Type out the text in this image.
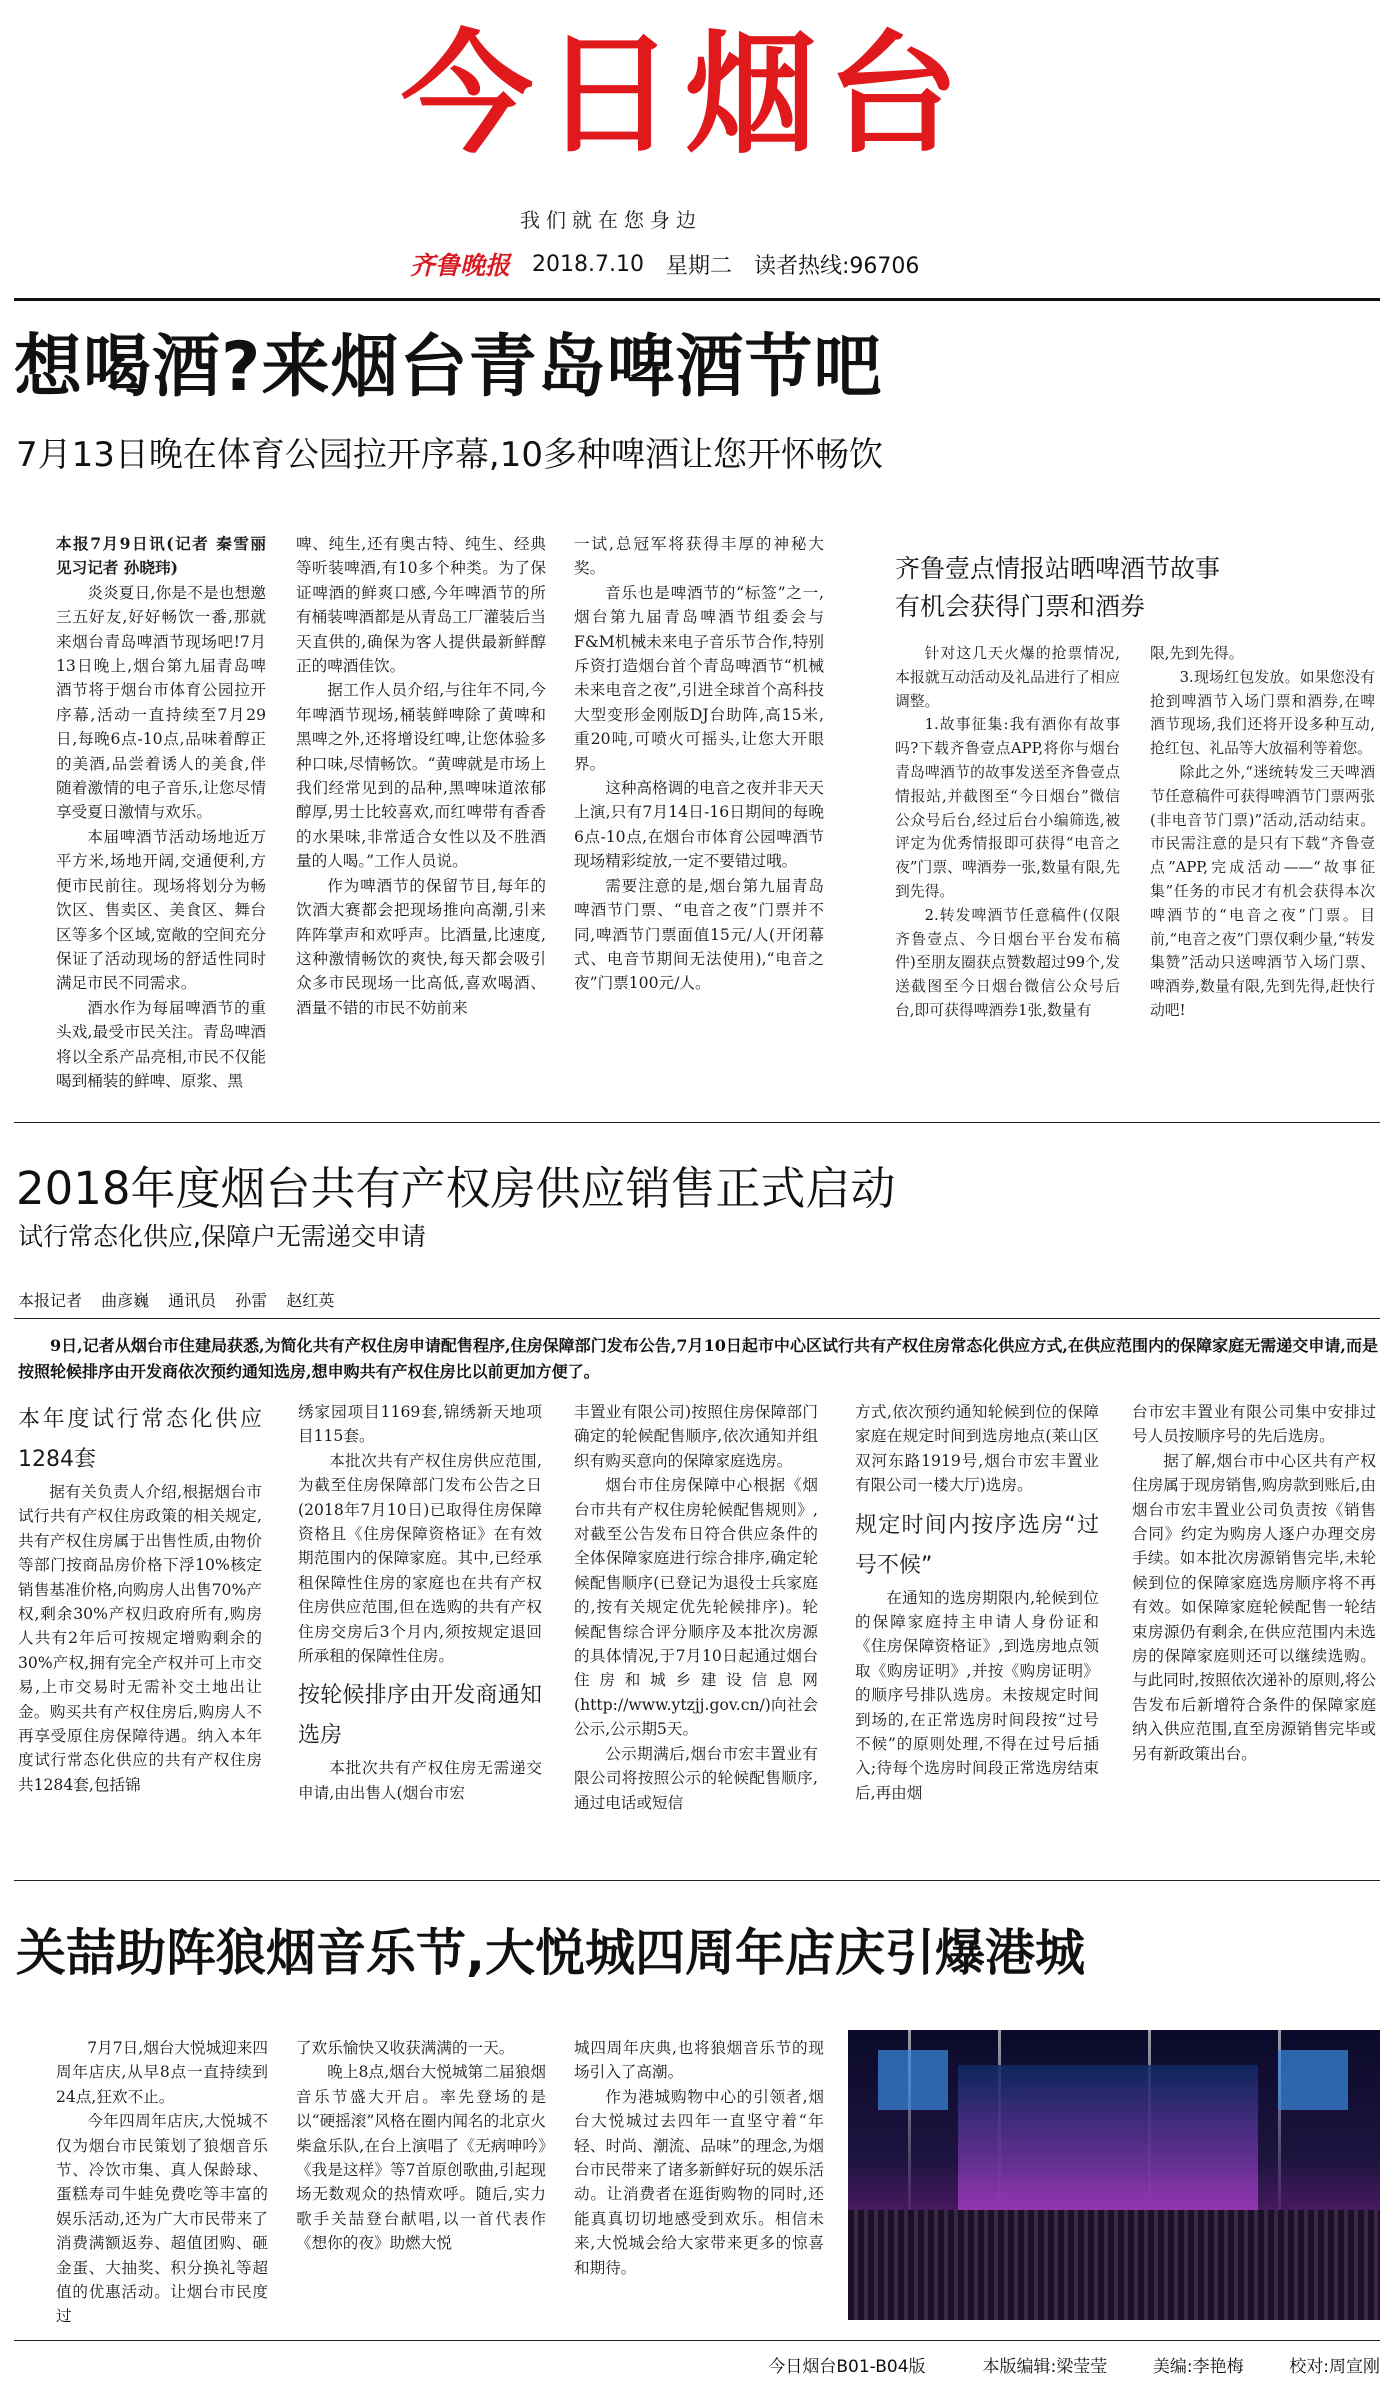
今日烟台
我们就在您身边
齐鲁晚报 2018.7.10 星期二 读者热线:96706
想喝酒?来烟台青岛啤酒节吧
7月13日晚在体育公园拉开序幕,10多种啤酒让您开怀畅饮

本报7月9日讯(记者 秦雪丽 见习记者 孙晓玮)

炎炎夏日,你是不是也想邀三五好友,好好畅饮一番,那就来烟台青岛啤酒节现场吧!7月13日晚上,烟台第九届青岛啤酒节将于烟台市体育公园拉开序幕,活动一直持续至7月29日,每晚6点-10点,品味着醇正的美酒,品尝着诱人的美食,伴随着激情的电子音乐,让您尽情享受夏日激情与欢乐。

本届啤酒节活动场地近万平方米,场地开阔,交通便利,方便市民前往。现场将划分为畅饮区、售卖区、美食区、舞台区等多个区域,宽敞的空间充分保证了活动现场的舒适性同时满足市民不同需求。

酒水作为每届啤酒节的重头戏,最受市民关注。青岛啤酒将以全系产品亮相,市民不仅能喝到桶装的鲜啤、原浆、黑

啤、纯生,还有奥古特、纯生、经典等听装啤酒,有10多个种类。为了保证啤酒的鲜爽口感,今年啤酒节的所有桶装啤酒都是从青岛工厂灌装后当天直供的,确保为客人提供最新鲜醇正的啤酒佳饮。

据工作人员介绍,与往年不同,今年啤酒节现场,桶装鲜啤除了黄啤和黑啤之外,还将增设红啤,让您体验多种口味,尽情畅饮。“黄啤就是市场上我们经常见到的品种,黑啤味道浓郁醇厚,男士比较喜欢,而红啤带有香香的水果味,非常适合女性以及不胜酒量的人喝。”工作人员说。

作为啤酒节的保留节目,每年的饮酒大赛都会把现场推向高潮,引来阵阵掌声和欢呼声。比酒量,比速度,这种激情畅饮的爽快,每天都会吸引众多市民现场一比高低,喜欢喝酒、酒量不错的市民不妨前来

一试,总冠军将获得丰厚的神秘大奖。

音乐也是啤酒节的“标签”之一,烟台第九届青岛啤酒节组委会与F&M机械未来电子音乐节合作,特别斥资打造烟台首个青岛啤酒节“机械未来电音之夜”,引进全球首个高科技大型变形金刚版DJ台助阵,高15米,重20吨,可喷火可摇头,让您大开眼界。

这种高格调的电音之夜并非天天上演,只有7月14日-16日期间的每晚6点-10点,在烟台市体育公园啤酒节现场精彩绽放,一定不要错过哦。

需要注意的是,烟台第九届青岛啤酒节门票、“电音之夜”门票并不同,啤酒节门票面值15元/人(开闭幕式、电音节期间无法使用),“电音之夜”门票100元/人。

齐鲁壹点情报站晒啤酒节故事
有机会获得门票和酒券

针对这几天火爆的抢票情况,本报就互动活动及礼品进行了相应调整。

1.故事征集:我有酒你有故事吗?下载齐鲁壹点APP,将你与烟台青岛啤酒节的故事发送至齐鲁壹点情报站,并截图至“今日烟台”微信公众号后台,经过后台小编筛选,被评定为优秀情报即可获得“电音之夜”门票、啤酒券一张,数量有限,先到先得。

2.转发啤酒节任意稿件(仅限齐鲁壹点、今日烟台平台发布稿件)至朋友圈获点赞数超过99个,发送截图至今日烟台微信公众号后台,即可获得啤酒券1张,数量有

限,先到先得。

3.现场红包发放。如果您没有抢到啤酒节入场门票和酒券,在啤酒节现场,我们还将开设多种互动,抢红包、礼品等大放福利等着您。

除此之外,“迷统转发三天啤酒节任意稿件可获得啤酒节门票两张(非电音节门票)”活动,活动结束。市民需注意的是只有下载“齐鲁壹点”APP,完成活动——“故事征集”任务的市民才有机会获得本次啤酒节的“电音之夜”门票。目前,“电音之夜”门票仅剩少量,“转发集赞”活动只送啤酒节入场门票、啤酒券,数量有限,先到先得,赶快行动吧!

2018年度烟台共有产权房供应销售正式启动
试行常态化供应,保障户无需递交申请
本报记者 曲彦巍 通讯员 孙雷 赵红英

9日,记者从烟台市住建局获悉,为简化共有产权住房申请配售程序,住房保障部门发布公告,7月10日起市中心区试行共有产权住房常态化供应方式,在供应范围内的保障家庭无需递交申请,而是按照轮候排序由开发商依次预约通知选房,想申购共有产权住房比以前更加方便了。

本年度试行常态化供应1284套

据有关负责人介绍,根据烟台市试行共有产权住房政策的相关规定,共有产权住房属于出售性质,由物价等部门按商品房价格下浮10%核定销售基准价格,向购房人出售70%产权,剩余30%产权归政府所有,购房人共有2年后可按规定增购剩余的30%产权,拥有完全产权并可上市交易,上市交易时无需补交土地出让金。购买共有产权住房后,购房人不再享受原住房保障待遇。纳入本年度试行常态化供应的共有产权住房共1284套,包括锦

绣家园项目1169套,锦绣新天地项目115套。

本批次共有产权住房供应范围,为截至住房保障部门发布公告之日(2018年7月10日)已取得住房保障资格且《住房保障资格证》在有效期范围内的保障家庭。其中,已经承租保障性住房的家庭也在共有产权住房供应范围,但在选购的共有产权住房交房后3个月内,须按规定退回所承租的保障性住房。

按轮候排序由开发商通知选房

本批次共有产权住房无需递交申请,由出售人(烟台市宏

丰置业有限公司)按照住房保障部门确定的轮候配售顺序,依次通知并组织有购买意向的保障家庭选房。

烟台市住房保障中心根据《烟台市共有产权住房轮候配售规则》,对截至公告发布日符合供应条件的全体保障家庭进行综合排序,确定轮候配售顺序(已登记为退役士兵家庭的,按有关规定优先轮候排序)。轮候配售综合评分顺序及本批次房源的具体情况,于7月10日起通过烟台住房和城乡建设信息网(http://www.ytzjj.gov.cn/)向社会公示,公示期5天。

公示期满后,烟台市宏丰置业有限公司将按照公示的轮候配售顺序,通过电话或短信

方式,依次预约通知轮候到位的保障家庭在规定时间到选房地点(莱山区双河东路1919号,烟台市宏丰置业有限公司一楼大厅)选房。

规定时间内按序选房“过号不候”

在通知的选房期限内,轮候到位的保障家庭持主申请人身份证和《住房保障资格证》,到选房地点领取《购房证明》,并按《购房证明》的顺序号排队选房。未按规定时间到场的,在正常选房时间段按“过号不候”的原则处理,不得在过号后插入;待每个选房时间段正常选房结束后,再由烟

台市宏丰置业有限公司集中安排过号人员按顺序号的先后选房。

据了解,烟台市中心区共有产权住房属于现房销售,购房款到账后,由烟台市宏丰置业公司负责按《销售合同》约定为购房人逐户办理交房手续。如本批次房源销售完毕,未轮候到位的保障家庭选房顺序将不再有效。如保障家庭轮候配售一轮结束房源仍有剩余,在供应范围内未选房的保障家庭则还可以继续选购。与此同时,按照依次递补的原则,将公告发布后新增符合条件的保障家庭纳入供应范围,直至房源销售完毕或另有新政策出台。

关喆助阵狼烟音乐节,大悦城四周年店庆引爆港城

7月7日,烟台大悦城迎来四周年店庆,从早8点一直持续到24点,狂欢不止。

今年四周年店庆,大悦城不仅为烟台市民策划了狼烟音乐节、冷饮市集、真人保龄球、蛋糕寿司牛蛙免费吃等丰富的娱乐活动,还为广大市民带来了消费满额返券、超值团购、砸金蛋、大抽奖、积分换礼等超值的优惠活动。让烟台市民度过

了欢乐愉快又收获满满的一天。

晚上8点,烟台大悦城第二届狼烟音乐节盛大开启。率先登场的是以“硬摇滚”风格在圈内闻名的北京火柴盒乐队,在台上演唱了《无病呻吟》《我是这样》等7首原创歌曲,引起现场无数观众的热情欢呼。随后,实力歌手关喆登台献唱,以一首代表作《想你的夜》助燃大悦

城四周年庆典,也将狼烟音乐节的现场引入了高潮。

作为港城购物中心的引领者,烟台大悦城过去四年一直坚守着“年轻、时尚、潮流、品味”的理念,为烟台市民带来了诸多新鲜好玩的娱乐活动。让消费者在逛街购物的同时,还能真真切切地感受到欢乐。相信未来,大悦城会给大家带来更多的惊喜和期待。

今日烟台B01-B04版	本版编辑:梁莹莹	美编:李艳梅	校对:周宣刚
